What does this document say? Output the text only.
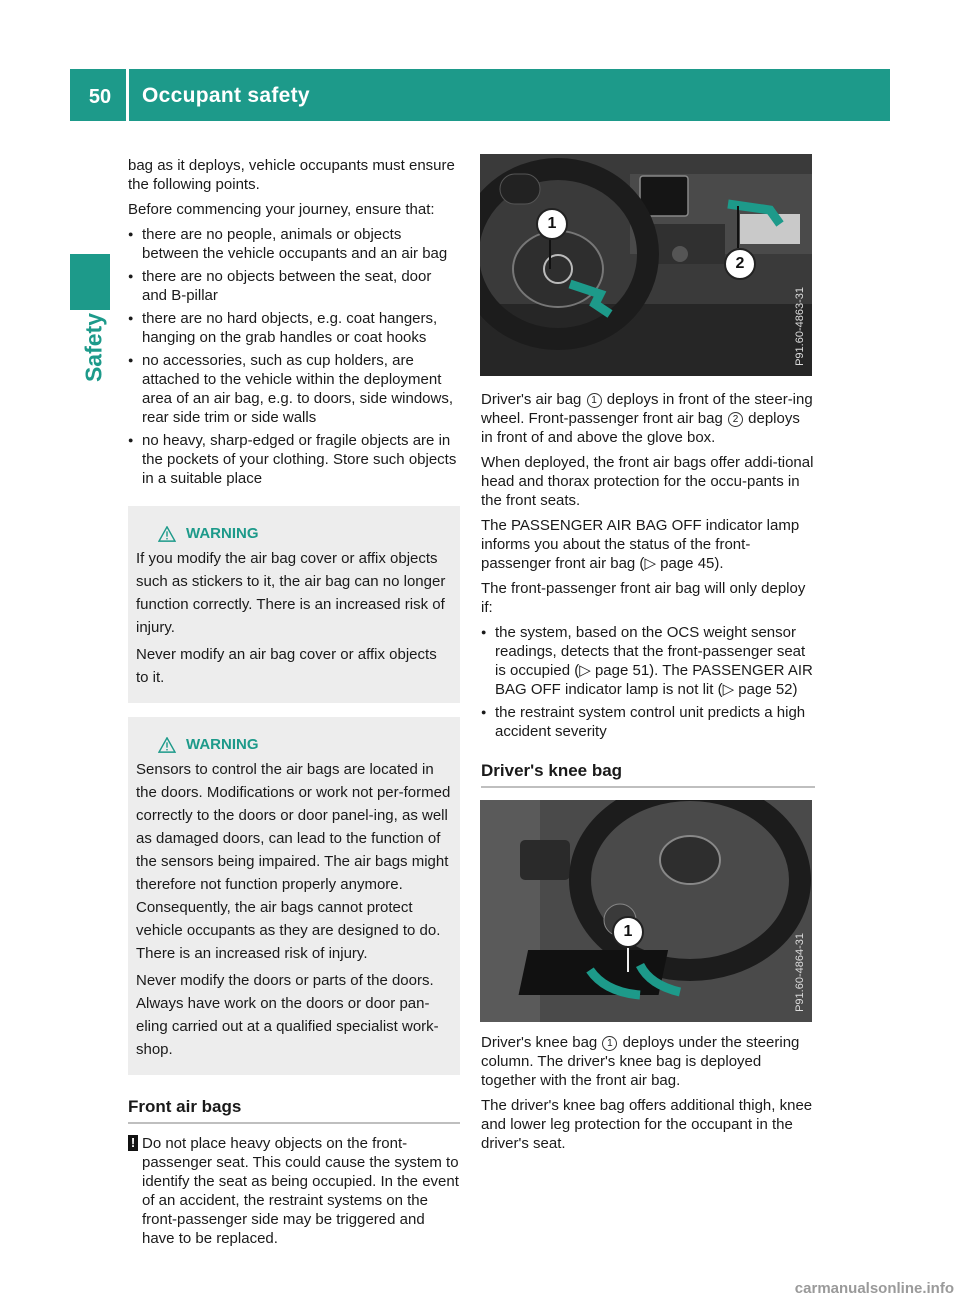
50	Occupant safety
Safety

bag as it deploys, vehicle occupants must ensure the following points.

Before commencing your journey, ensure that:

● there are no people, animals or objects between the vehicle occupants and an air bag
● there are no objects between the seat, door and B-pillar
● there are no hard objects, e.g. coat hangers, hanging on the grab handles or coat hooks
● no accessories, such as cup holders, are attached to the vehicle within the deployment area of an air bag, e.g. to doors, side windows, rear side trim or side walls
● no heavy, sharp-edged or fragile objects are in the pockets of your clothing. Store such objects in a suitable place
WARNING

If you modify the air bag cover or affix objects such as stickers to it, the air bag can no longer function correctly. There is an increased risk of injury.

Never modify an air bag cover or affix objects to it.

WARNING

Sensors to control the air bags are located in the doors. Modifications or work not per-formed correctly to the doors or door panel-ing, as well as damaged doors, can lead to the function of the sensors being impaired. The air bags might therefore not function properly anymore. Consequently, the air bags cannot protect vehicle occupants as they are designed to do. There is an increased risk of injury.

Never modify the doors or parts of the doors. Always have work on the doors or door pan-eling carried out at a qualified specialist work-shop.

Front air bags
! Do not place heavy objects on the front-passenger seat. This could cause the system to identify the seat as being occupied. In the event of an accident, the restraint systems on the front-passenger side may be triggered and have to be replaced.
1
2
P91.60-4863-31

Driver's air bag 1 deploys in front of the steer-ing wheel. Front-passenger front air bag 2 deploys in front of and above the glove box.

When deployed, the front air bags offer addi-tional head and thorax protection for the occu-pants in the front seats.

The PASSENGER AIR BAG OFF indicator lamp informs you about the status of the front-passenger front air bag (▷ page 45).

The front-passenger front air bag will only deploy if:

● the system, based on the OCS weight sensor readings, detects that the front-passenger seat is occupied (▷ page 51). The PASSENGER AIR BAG OFF indicator lamp is not lit (▷ page 52)
● the restraint system control unit predicts a high accident severity
Driver's knee bag
1
P91.60-4864-31

Driver's knee bag 1 deploys under the steering column. The driver's knee bag is deployed together with the front air bag.

The driver's knee bag offers additional thigh, knee and lower leg protection for the occupant in the driver's seat.

carmanualsonline.info
